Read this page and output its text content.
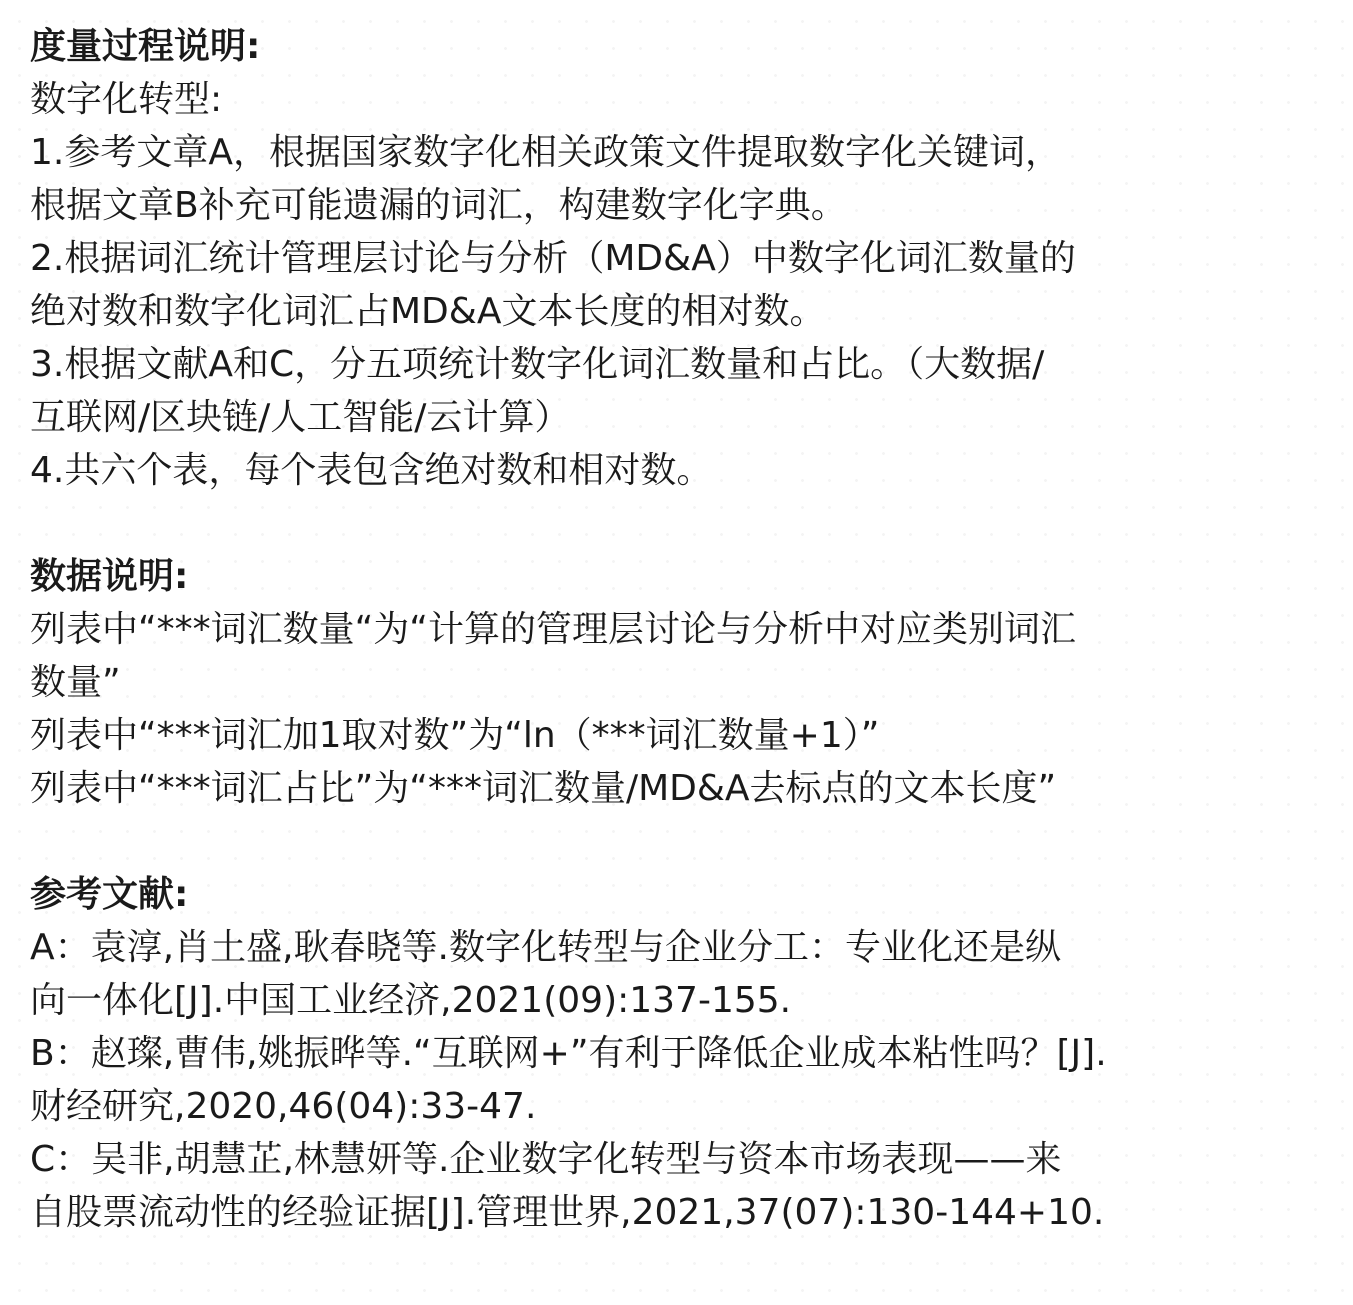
度量过程说明:

数字化转型:

1.参考文章A，根据国家数字化相关政策文件提取数字化关键词，

根据文章B补充可能遗漏的词汇，构建数字化字典。

2.根据词汇统计管理层讨论与分析（MD&A）中数字化词汇数量的

绝对数和数字化词汇占MD&A文本长度的相对数。

3.根据文献A和C，分五项统计数字化词汇数量和占比。（大数据/

互联网/区块链/人工智能/云计算）

4.共六个表，每个表包含绝对数和相对数。

数据说明:

列表中“***词汇数量“为“计算的管理层讨论与分析中对应类别词汇

数量”

列表中“***词汇加1取对数”为“ln（***词汇数量+1）”

列表中“***词汇占比”为“***词汇数量/MD&A去标点的文本长度”

参考文献:

A：袁淳,肖土盛,耿春晓等.数字化转型与企业分工：专业化还是纵

向一体化[J].中国工业经济,2021(09):137-155.

B：赵璨,曹伟,姚振晔等.“互联网+”有利于降低企业成本粘性吗？[J].

财经研究,2020,46(04):33-47.

C：吴非,胡慧芷,林慧妍等.企业数字化转型与资本市场表现——来

自股票流动性的经验证据[J].管理世界,2021,37(07):130-144+10.
